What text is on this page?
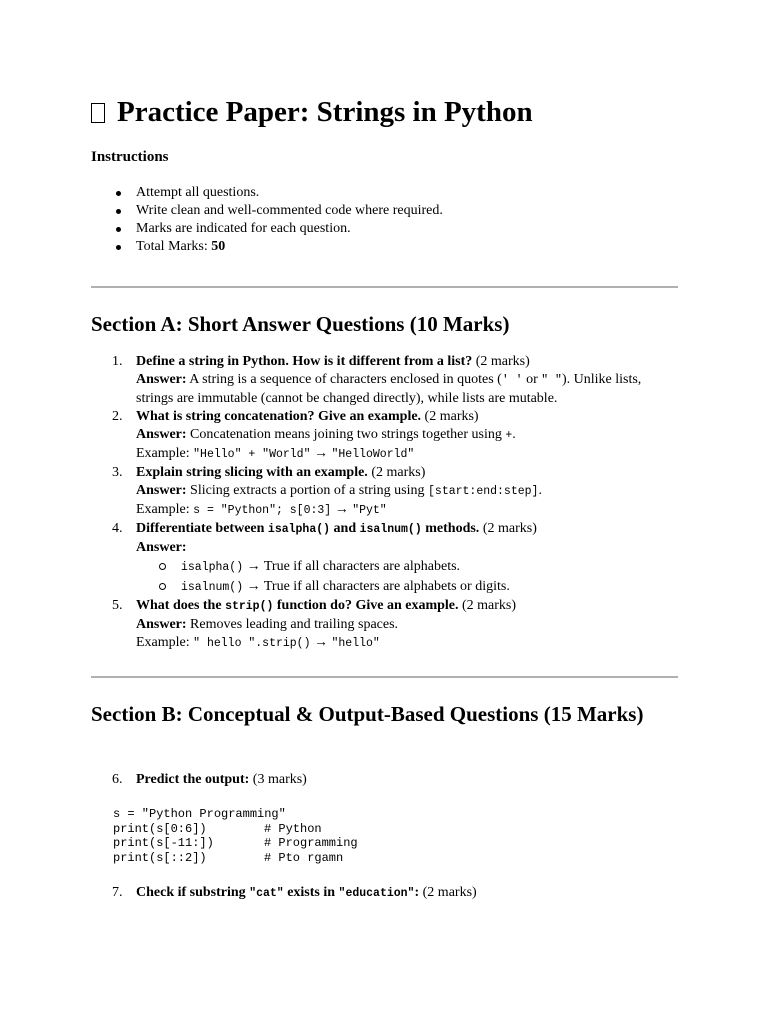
Practice Paper: Strings in Python
Instructions
Attempt all questions.
Write clean and well-commented code where required.
Marks are indicated for each question.
Total Marks: 50
Section A: Short Answer Questions (10 Marks)
1. Define a string in Python. How is it different from a list? (2 marks)
Answer: A string is a sequence of characters enclosed in quotes (' ' or " "). Unlike lists, strings are immutable (cannot be changed directly), while lists are mutable.
2. What is string concatenation? Give an example. (2 marks)
Answer: Concatenation means joining two strings together using +.
Example: "Hello" + "World" → "HelloWorld"
3. Explain string slicing with an example. (2 marks)
Answer: Slicing extracts a portion of a string using [start:end:step].
Example: s = "Python"; s[0:3] → "Pyt"
4. Differentiate between isalpha() and isalnum() methods. (2 marks)
Answer:
isalpha() → True if all characters are alphabets.
isalnum() → True if all characters are alphabets or digits.
5. What does the strip() function do? Give an example. (2 marks)
Answer: Removes leading and trailing spaces.
Example: " hello ".strip() → "hello"
Section B: Conceptual & Output-Based Questions (15 Marks)
6. Predict the output: (3 marks)
s = "Python Programming"
print(s[0:6])	# Python
print(s[-11:])	# Programming
print(s[::2])	# Pto rgamn
7. Check if substring "cat" exists in "education": (2 marks)
